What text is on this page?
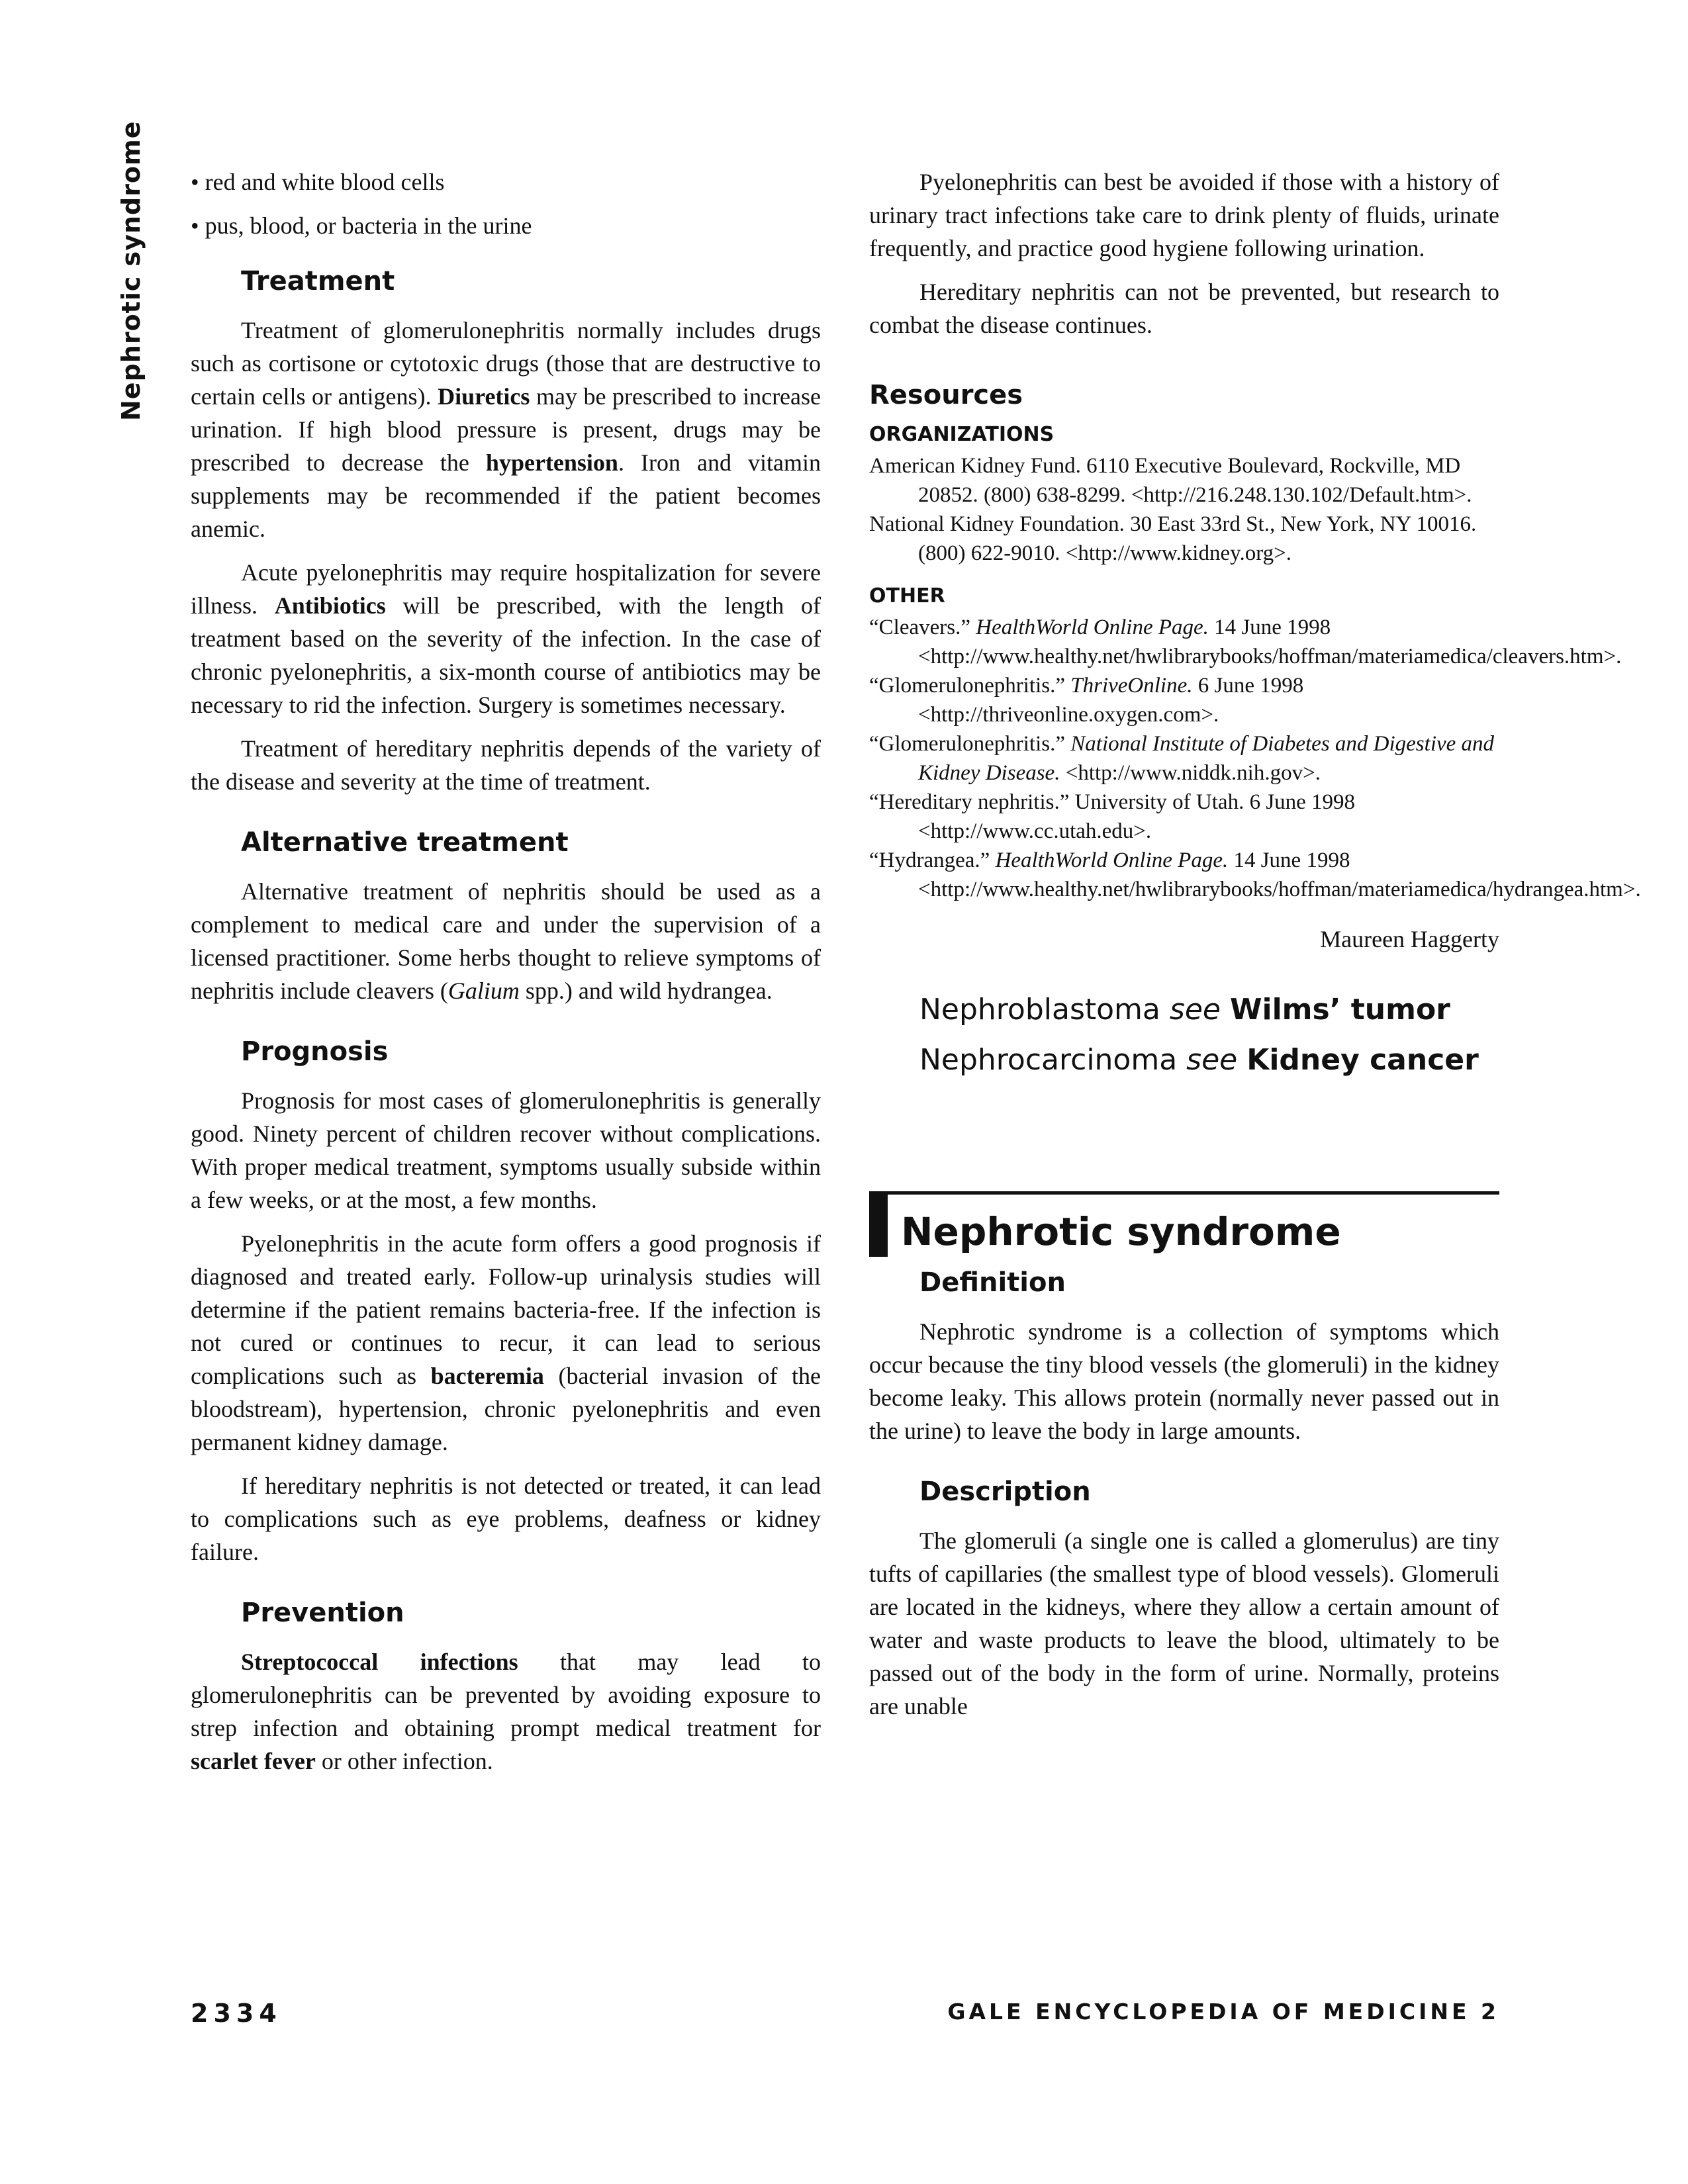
Nephrotic syndrome • red and white blood cells
• pus, blood, or bacteria in the urine
Treatment

Treatment of glomerulonephritis normally includes drugs such as cortisone or cytotoxic drugs (those that are destructive to certain cells or antigens). Diuretics may be prescribed to increase urination. If high blood pressure is present, drugs may be prescribed to decrease the hypertension. Iron and vitamin supplements may be recommended if the patient becomes anemic.

Acute pyelonephritis may require hospitalization for severe illness. Antibiotics will be prescribed, with the length of treatment based on the severity of the infection. In the case of chronic pyelonephritis, a six-month course of antibiotics may be necessary to rid the infection. Surgery is sometimes necessary.

Treatment of hereditary nephritis depends of the variety of the disease and severity at the time of treatment.

Alternative treatment

Alternative treatment of nephritis should be used as a complement to medical care and under the supervision of a licensed practitioner. Some herbs thought to relieve symptoms of nephritis include cleavers (Galium spp.) and wild hydrangea.

Prognosis

Prognosis for most cases of glomerulonephritis is generally good. Ninety percent of children recover without complications. With proper medical treatment, symptoms usually subside within a few weeks, or at the most, a few months.

Pyelonephritis in the acute form offers a good prognosis if diagnosed and treated early. Follow-up urinalysis studies will determine if the patient remains bacteria-free. If the infection is not cured or continues to recur, it can lead to serious complications such as bacteremia (bacterial invasion of the bloodstream), hypertension, chronic pyelonephritis and even permanent kidney damage.

If hereditary nephritis is not detected or treated, it can lead to complications such as eye problems, deafness or kidney failure.

Prevention

Streptococcal infections that may lead to glomerulonephritis can be prevented by avoiding exposure to strep infection and obtaining prompt medical treatment for scarlet fever or other infection.

Pyelonephritis can best be avoided if those with a history of urinary tract infections take care to drink plenty of fluids, urinate frequently, and practice good hygiene following urination.

Hereditary nephritis can not be prevented, but research to combat the disease continues.

Resources
ORGANIZATIONS

American Kidney Fund. 6110 Executive Boulevard, Rockville, MD 20852. (800) 638-8299. <http://216.248.130.102/Default.htm>.

National Kidney Foundation. 30 East 33rd St., New York, NY 10016. (800) 622-9010. <http://www.kidney.org>.

OTHER

“Cleavers.” HealthWorld Online Page. 14 June 1998 <http://www.healthy.net/hwlibrarybooks/hoffman/materiamedica/cleavers.htm>.

“Glomerulonephritis.” ThriveOnline. 6 June 1998 <http://thriveonline.oxygen.com>.

“Glomerulonephritis.” National Institute of Diabetes and Digestive and Kidney Disease. <http://www.niddk.nih.gov>.

“Hereditary nephritis.” University of Utah. 6 June 1998 <http://www.cc.utah.edu>.

“Hydrangea.” HealthWorld Online Page. 14 June 1998 <http://www.healthy.net/hwlibrarybooks/hoffman/materiamedica/hydrangea.htm>.

Maureen Haggerty

Nephroblastoma see Wilms’ tumor

Nephrocarcinoma see Kidney cancer

Nephrotic syndrome
Definition

Nephrotic syndrome is a collection of symptoms which occur because the tiny blood vessels (the glomeruli) in the kidney become leaky. This allows protein (normally never passed out in the urine) to leave the body in large amounts.

Description

The glomeruli (a single one is called a glomerulus) are tiny tufts of capillaries (the smallest type of blood vessels). Glomeruli are located in the kidneys, where they allow a certain amount of water and waste products to leave the blood, ultimately to be passed out of the body in the form of urine. Normally, proteins are unable

2334	GALE ENCYCLOPEDIA OF MEDICINE 2
